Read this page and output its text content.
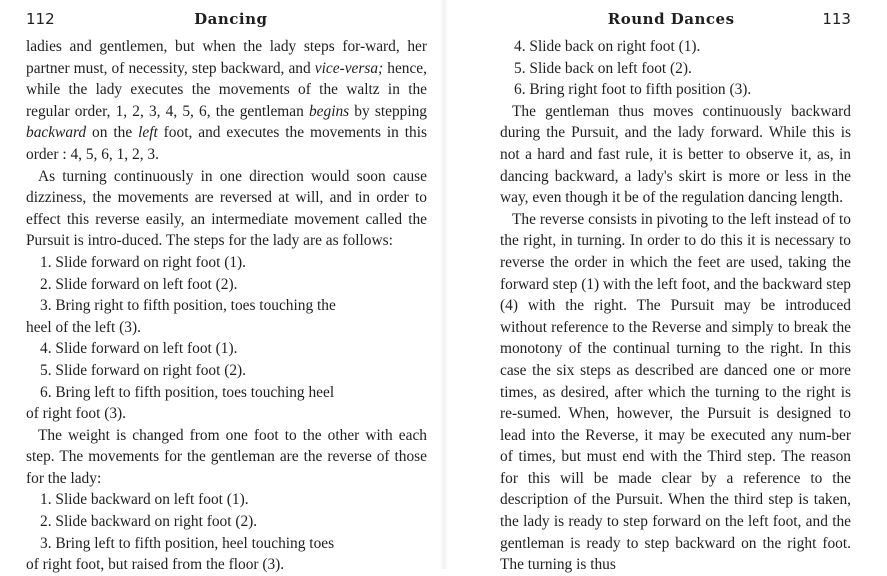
112	Dancing

ladies and gentlemen, but when the lady steps for-ward, her partner must, of necessity, step backward, and vice-versa; hence, while the lady executes the movements of the waltz in the regular order, 1, 2, 3, 4, 5, 6, the gentleman begins by stepping backward on the left foot, and executes the movements in this order : 4, 5, 6, 1, 2, 3.

As turning continuously in one direction would soon cause dizziness, the movements are reversed at will, and in order to effect this reverse easily, an intermediate movement called the Pursuit is intro-duced. The steps for the lady are as follows:

1. Slide forward on right foot (1).

2. Slide forward on left foot (2).

3. Bring right to fifth position, toes touching the

heel of the left (3).

4. Slide forward on left foot (1).

5. Slide forward on right foot (2).

6. Bring left to fifth position, toes touching heel

of right foot (3).

The weight is changed from one foot to the other with each step. The movements for the gentleman are the reverse of those for the lady:

1. Slide backward on left foot (1).

2. Slide backward on right foot (2).

3. Bring left to fifth position, heel touching toes

of right foot, but raised from the floor (3).

Round Dances	113

4. Slide back on right foot (1).

5. Slide back on left foot (2).

6. Bring right foot to fifth position (3).

The gentleman thus moves continuously backward during the Pursuit, and the lady forward. While this is not a hard and fast rule, it is better to observe it, as, in dancing backward, a lady's skirt is more or less in the way, even though it be of the regulation dancing length.

The reverse consists in pivoting to the left instead of to the right, in turning. In order to do this it is necessary to reverse the order in which the feet are used, taking the forward step (1) with the left foot, and the backward step (4) with the right. The Pursuit may be introduced without reference to the Reverse and simply to break the monotony of the continual turning to the right. In this case the six steps as described are danced one or more times, as desired, after which the turning to the right is re-sumed. When, however, the Pursuit is designed to lead into the Reverse, it may be executed any num-ber of times, but must end with the Third step. The reason for this will be made clear by a reference to the description of the Pursuit. When the third step is taken, the lady is ready to step forward on the left foot, and the gentleman is ready to step backward on the right foot. The turning is thus
